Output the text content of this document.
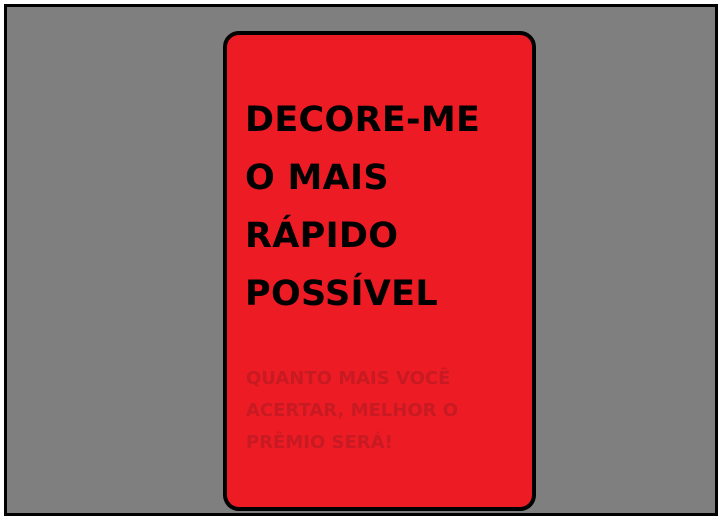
DECORE-ME
O MAIS
RÁPIDO
POSSÍVEL

QUANTO MAIS VOCÊ
ACERTAR, MELHOR O
PRÊMIO SERÁ!
